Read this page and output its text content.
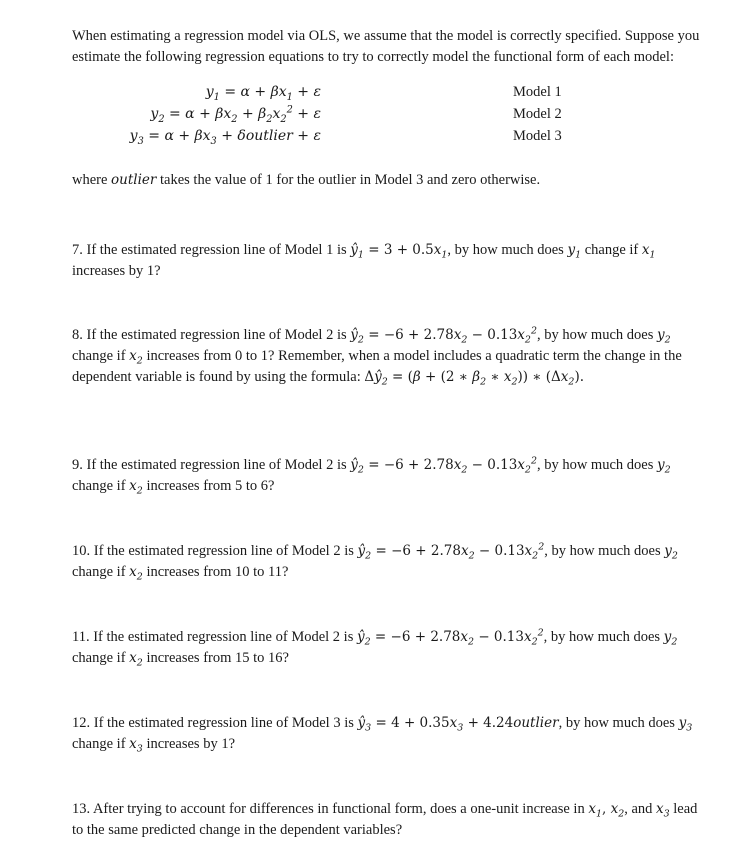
When estimating a regression model via OLS, we assume that the model is correctly specified. Suppose you estimate the following regression equations to try to correctly model the functional form of each model:

$y_1 = \alpha + \beta x_1 + \varepsilon$	Model 1
$y_2 = \alpha + \beta x_2 + \beta_2x_2^2 + \varepsilon$	Model 2
$y_3 = \alpha + \beta x_3$ + δoutlier + ε	Model 3

where outlier takes the value of 1 for the outlier in Model 3 and zero otherwise.

7. If the estimated regression line of Model 1 is $ŷ_1 = 3 + 0.5x_1$, by how much does $y_1$ change if $x_1$ increases by 1?

8. If the estimated regression line of Model 2 is $ŷ_2 = -6 + 2.78x_2 - 0.13x_2^2$, by how much does $y_2$ change if $x_2$ increases from 0 to 1? Remember, when a model includes a quadratic term the change in the dependent variable is found by using the formula: $\Delta ŷ_2 = (\beta + (2$ ∗ $\beta_2$ ∗ $x_2$)) ∗ $(\Delta x_2)$.

9. If the estimated regression line of Model 2 is $ŷ_2 = -6 + 2.78x_2 - 0.13x_2^2$, by how much does $y_2$ change if $x_2$ increases from 5 to 6?

10. If the estimated regression line of Model 2 is $ŷ_2 = -6 + 2.78x_2 - 0.13x_2^2$, by how much does $y_2$ change if $x_2$ increases from 10 to 11?

11. If the estimated regression line of Model 2 is $ŷ_2 = -6 + 2.78x_2 - 0.13x_2^2$, by how much does $y_2$ change if $x_2$ increases from 15 to 16?

12. If the estimated regression line of Model 3 is $ŷ_3 = 4 + 0.35x_3$ + 4.24outlier, by how much does $y_3$ change if $x_3$ increases by 1?

13. After trying to account for differences in functional form, does a one-unit increase in $x_1$, $x_2$, and $x_3$ lead to the same predicted change in the dependent variables?
